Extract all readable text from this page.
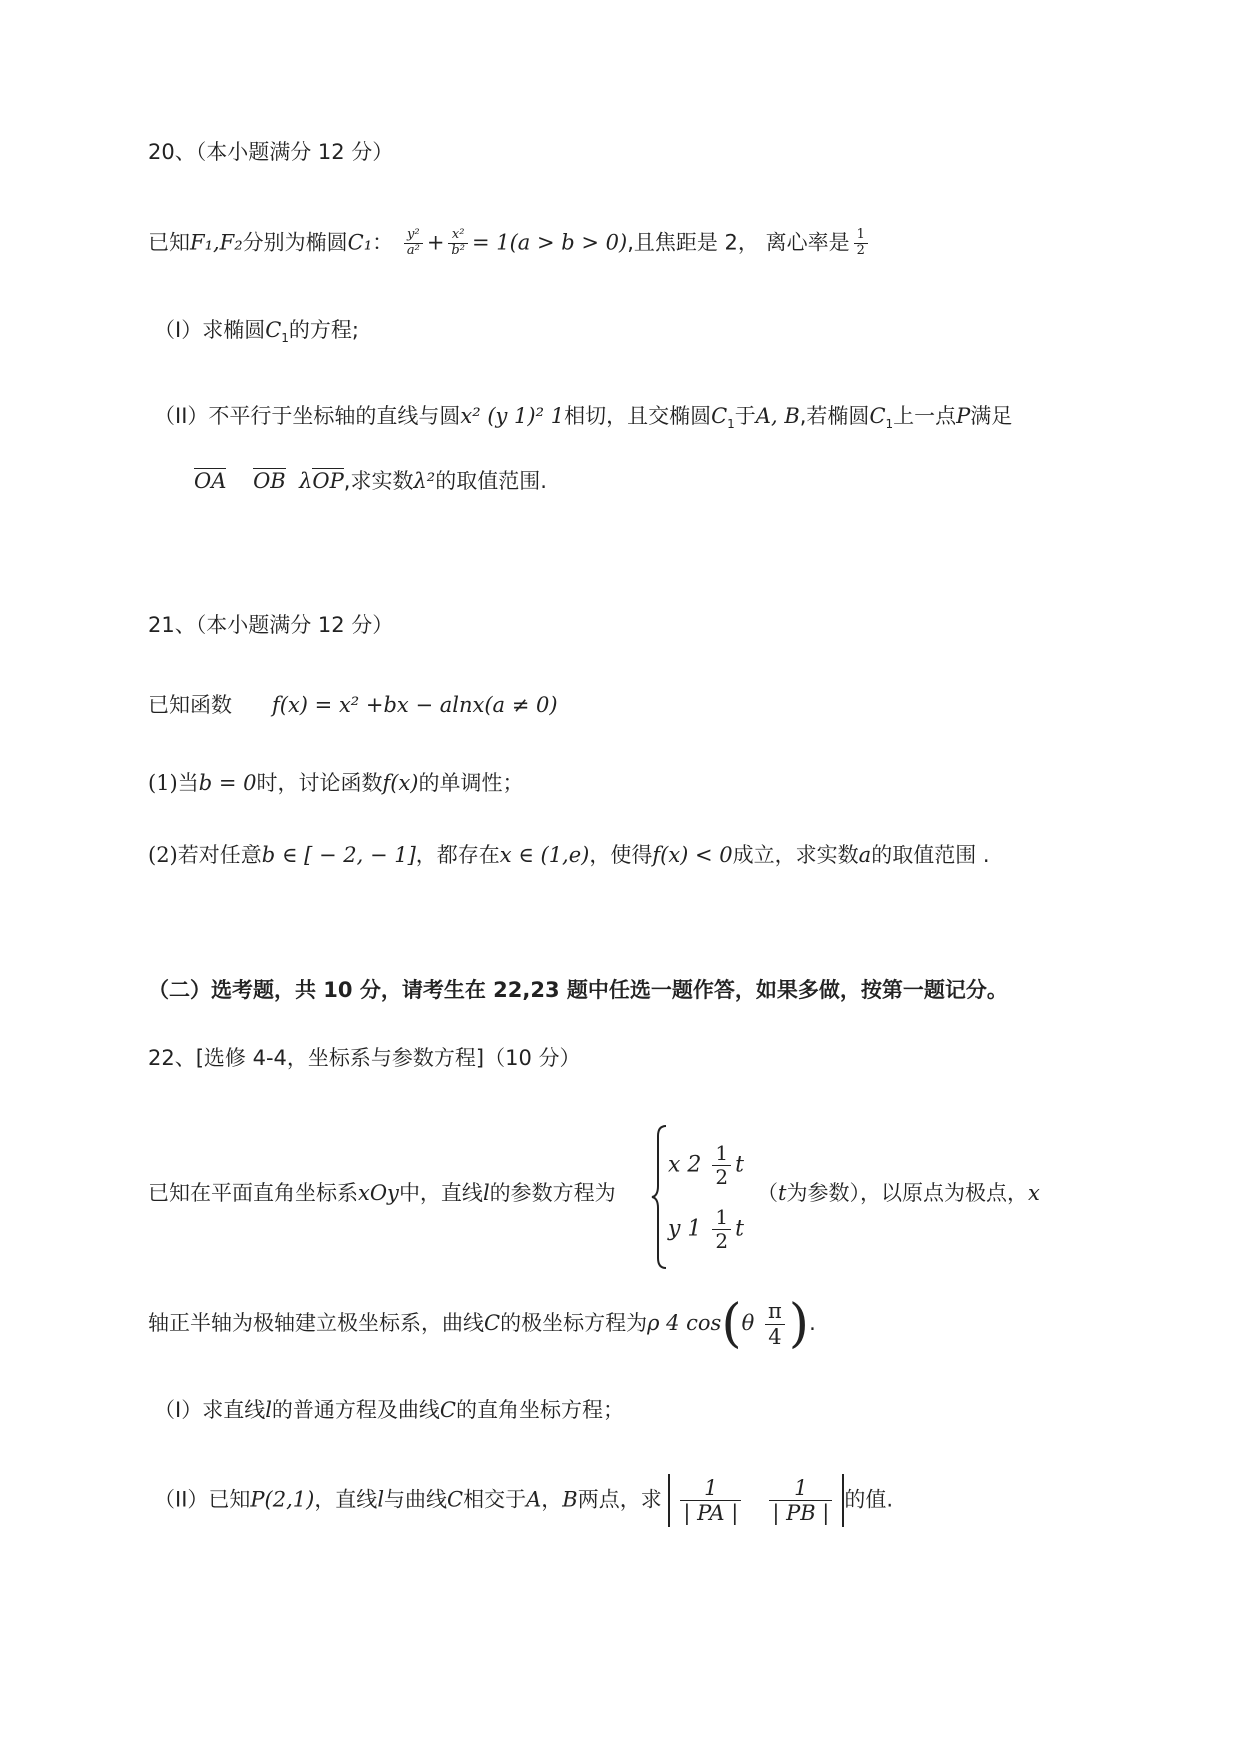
20、（本小题满分 12 分）
已知F₁,F₂分别为椭圆C₁： $\frac{\text{y²}}{\text{a²}} + \frac{\text{x²}}{\text{b²}} = 1(a > b > 0)$,且焦距是 2， 离心率是 $\frac{1}{2}$
（I）求椭圆$C_1$的方程;
（II）不平行于坐标轴的直线与圆x² (y 1)² 1相切，且交椭圆$C_1$于A, B,若椭圆$C_1$上一点P满足
OA OB λOP,求实数λ²的取值范围.
21、（本小题满分 12 分）
已知函数 f(x) = x² +bx − alnx(a ≠ 0)
(1)当b = 0时，讨论函数f(x)的单调性；
(2)若对任意b ∈ [ − 2, − 1]，都存在x ∈ (1,e)，使得f(x) < 0成立，求实数a的取值范围 .
（二）选考题，共 10 分，请考生在 22,23 题中任选一题作答，如果多做，按第一题记分。
22、[选修 4-4，坐标系与参数方程]（10 分）
已知在平面直角坐标系xOy中，直线l的参数方程为	（t为参数），以原点为极点，x
x $2 \frac{1}{2}$ t
y $1 \frac{1}{2}$ t
轴正半轴为极轴建立极坐标系，曲线C的极坐标方程为ρ 4 $\cos(\theta \frac{\pi}{4}$ ).
（I）求直线l的普通方程及曲线C的直角坐标方程；
（II）已知P(2,1)，直线l与曲线C相交于A，B两点，求 $\frac{1}{| PA |}$
$\frac{1}{| PB |}$ 的值.
